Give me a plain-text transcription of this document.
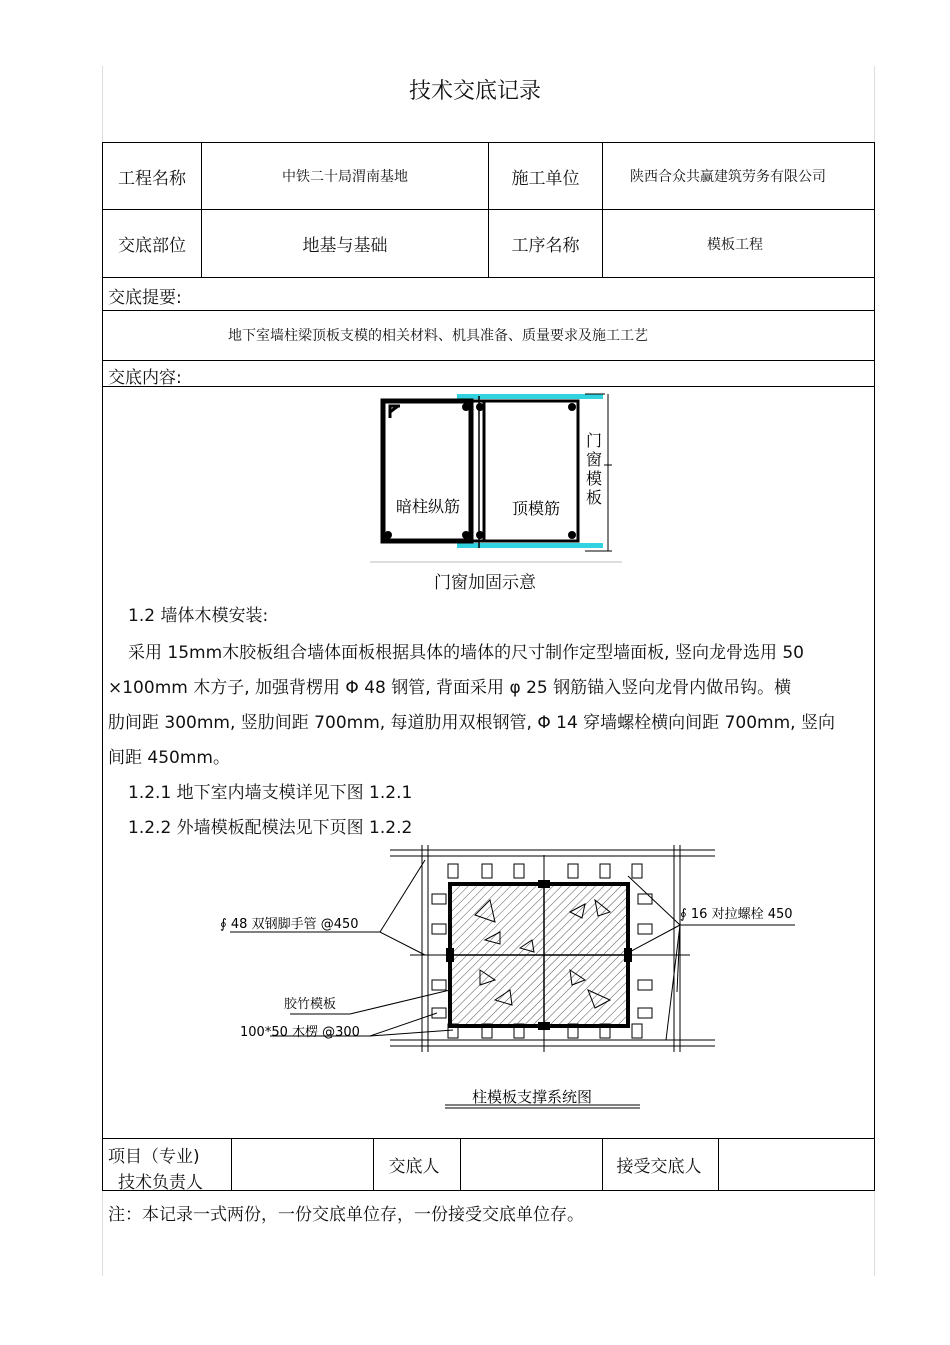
技术交底记录
工程名称	中铁二十局渭南基地	施工单位	陕西合众共赢建筑劳务有限公司
交底部位	地基与基础	工序名称	模板工程
交底提要:
地下室墙柱梁顶板支模的相关材料、机具准备、质量要求及施工工艺
交底内容:
暗柱纵筋	顶模筋
门
窗
模
板
门窗加固示意
1.2 墙体木模安装:
采用 15mm木胶板组合墙体面板根据具体的墙体的尺寸制作定型墙面板, 竖向龙骨选用 50
×100mm 木方子, 加强背楞用 Φ 48 钢管, 背面采用 φ 25 钢筋锚入竖向龙骨内做吊钩。横
肋间距 300mm, 竖肋间距 700mm, 每道肋用双根钢管, Φ 14 穿墙螺栓横向间距 700mm, 竖向
间距 450mm。
1.2.1 地下室内墙支模详见下图 1.2.1
1.2.2 外墙模板配模法见下页图 1.2.2
∮ 48 双钢脚手管 @450
∮ 16 对拉螺栓 450
胶竹模板
100*50 木楞 @300
柱模板支撑系统图
项目（专业)
技术负责人
交底人	接受交底人
注：本记录一式两份，一份交底单位存，一份接受交底单位存。
